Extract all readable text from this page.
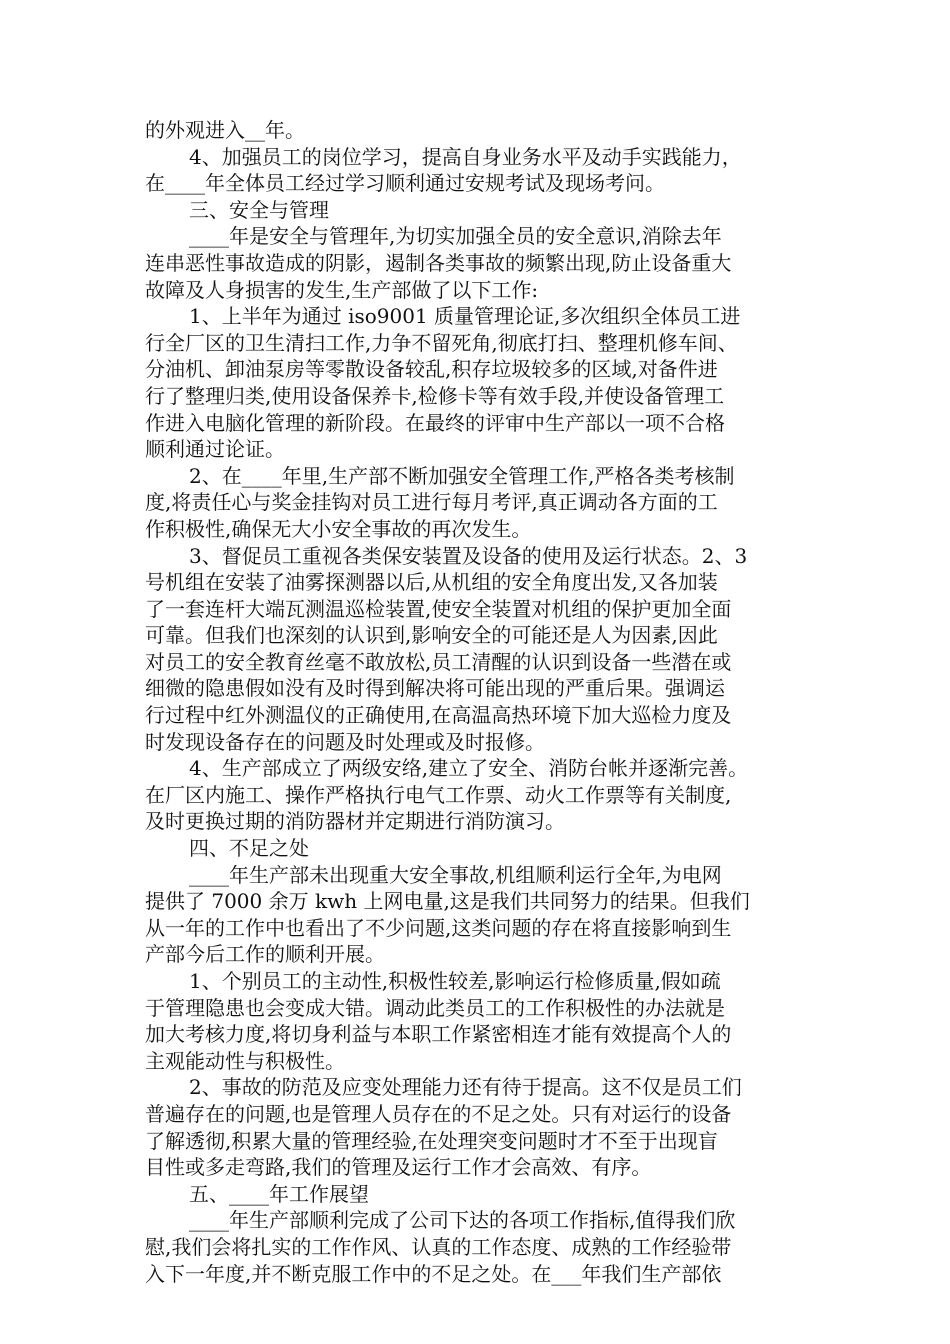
的外观进入__年。
4、加强员工的岗位学习，提高自身业务水平及动手实践能力，
在____年全体员工经过学习顺利通过安规考试及现场考问。
三、安全与管理
____年是安全与管理年,为切实加强全员的安全意识,消除去年
连串恶性事故造成的阴影，遏制各类事故的频繁出现,防止设备重大
故障及人身损害的发生,生产部做了以下工作:
1、上半年为通过 iso9001 质量管理论证,多次组织全体员工进
行全厂区的卫生清扫工作,力争不留死角,彻底打扫、整理机修车间、
分油机、卸油泵房等零散设备较乱,积存垃圾较多的区域,对备件进
行了整理归类,使用设备保养卡,检修卡等有效手段,并使设备管理工
作进入电脑化管理的新阶段。在最终的评审中生产部以一项不合格
顺利通过论证。
2、在____年里,生产部不断加强安全管理工作,严格各类考核制
度,将责任心与奖金挂钩对员工进行每月考评,真正调动各方面的工
作积极性,确保无大小安全事故的再次发生。
3、督促员工重视各类保安装置及设备的使用及运行状态。2、3
号机组在安装了油雾探测器以后,从机组的安全角度出发,又各加装
了一套连杆大端瓦测温巡检装置,使安全装置对机组的保护更加全面
可靠。但我们也深刻的认识到,影响安全的可能还是人为因素,因此
对员工的安全教育丝毫不敢放松,员工清醒的认识到设备一些潜在或
细微的隐患假如没有及时得到解决将可能出现的严重后果。强调运
行过程中红外测温仪的正确使用,在高温高热环境下加大巡检力度及
时发现设备存在的问题及时处理或及时报修。
4、生产部成立了两级安络,建立了安全、消防台帐并逐渐完善。
在厂区内施工、操作严格执行电气工作票、动火工作票等有关制度,
及时更换过期的消防器材并定期进行消防演习。
四、不足之处
____年生产部未出现重大安全事故,机组顺利运行全年,为电网
提供了 7000 余万 kwh 上网电量,这是我们共同努力的结果。但我们
从一年的工作中也看出了不少问题,这类问题的存在将直接影响到生
产部今后工作的顺利开展。
1、个别员工的主动性,积极性较差,影响运行检修质量,假如疏
于管理隐患也会变成大错。调动此类员工的工作积极性的办法就是
加大考核力度,将切身利益与本职工作紧密相连才能有效提高个人的
主观能动性与积极性。
2、事故的防范及应变处理能力还有待于提高。这不仅是员工们
普遍存在的问题,也是管理人员存在的不足之处。只有对运行的设备
了解透彻,积累大量的管理经验,在处理突变问题时才不至于出现盲
目性或多走弯路,我们的管理及运行工作才会高效、有序。
五、____年工作展望
____年生产部顺利完成了公司下达的各项工作指标,值得我们欣
慰,我们会将扎实的工作作风、认真的工作态度、成熟的工作经验带
入下一年度,并不断克服工作中的不足之处。在___年我们生产部依
